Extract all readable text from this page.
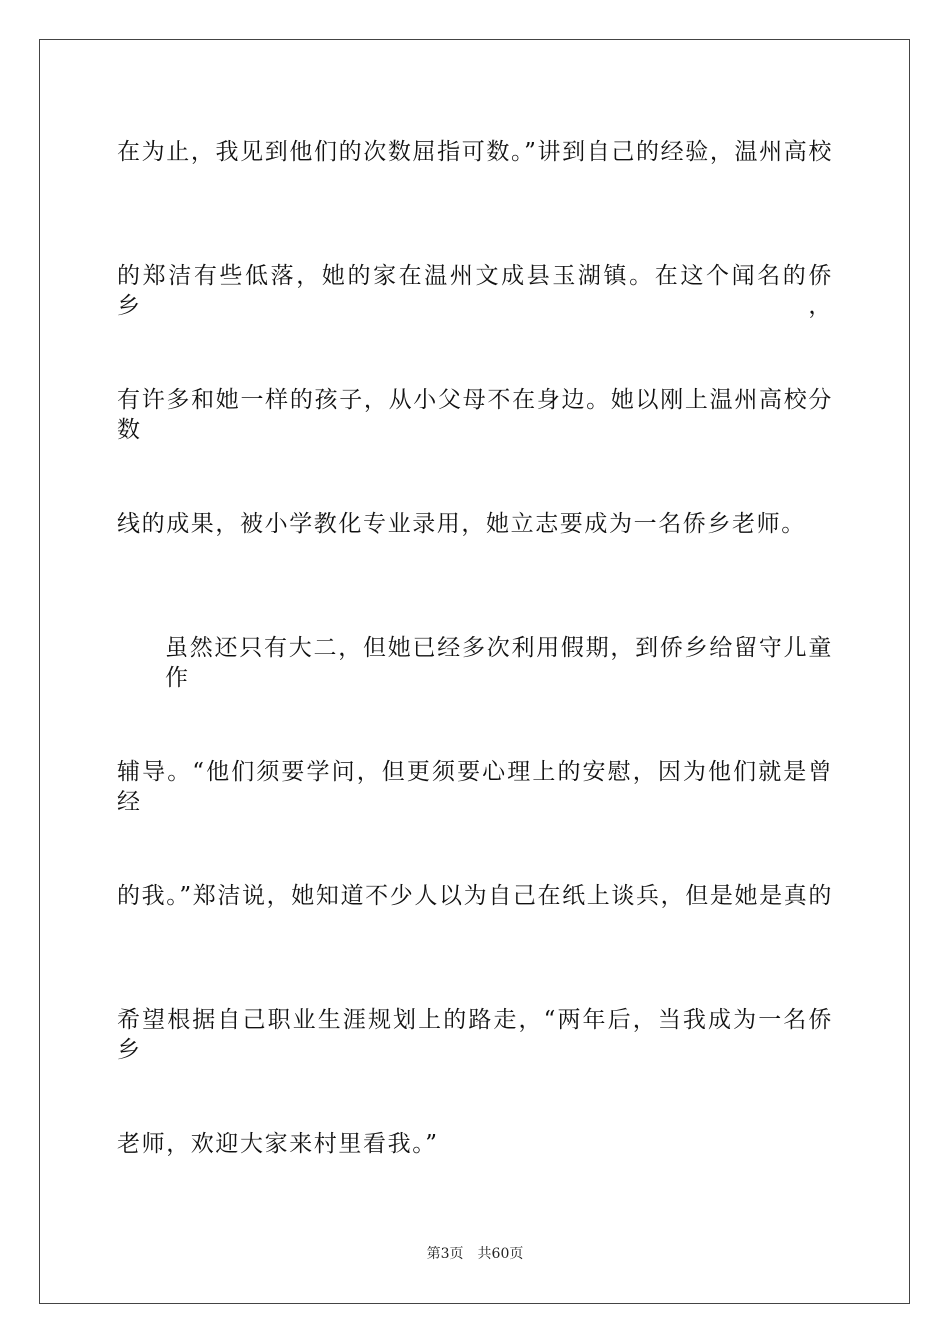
在为止，我见到他们的次数屈指可数。”讲到自己的经验，温州高校
的郑洁有些低落，她的家在温州文成县玉湖镇。在这个闻名的侨乡，
有许多和她一样的孩子，从小父母不在身边。她以刚上温州高校分数
线的成果，被小学教化专业录用，她立志要成为一名侨乡老师。
虽然还只有大二，但她已经多次利用假期，到侨乡给留守儿童作
辅导。“他们须要学问，但更须要心理上的安慰，因为他们就是曾经
的我。”郑洁说，她知道不少人以为自己在纸上谈兵，但是她是真的
希望根据自己职业生涯规划上的路走，“两年后，当我成为一名侨乡
老师，欢迎大家来村里看我。”
第3页 共60页
